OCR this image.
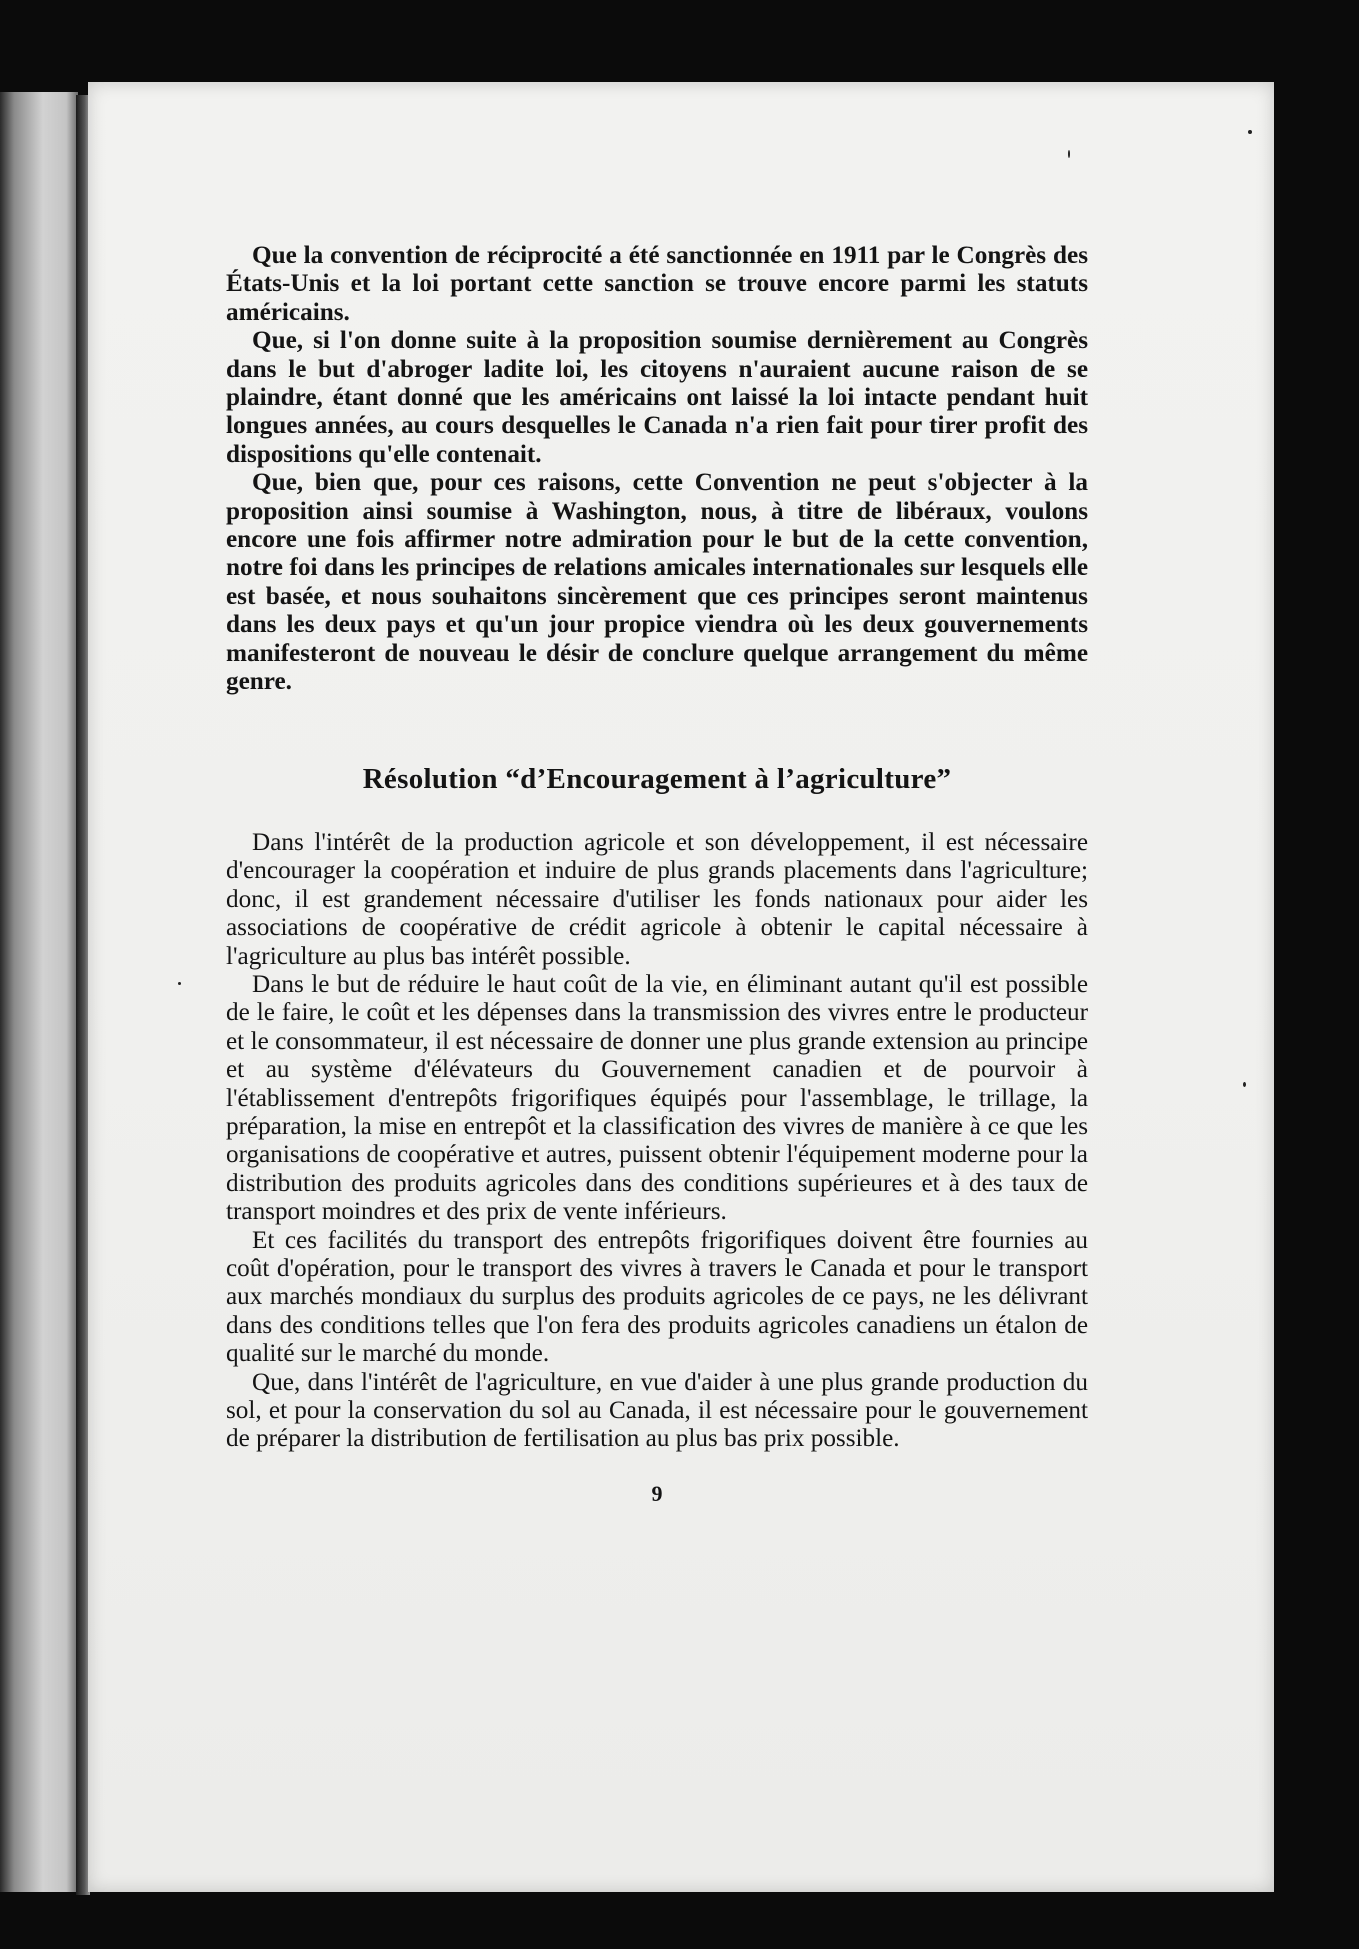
Que la convention de réciprocité a été sanctionnée en 1911 par le Congrès des États-Unis et la loi portant cette sanction se trouve encore parmi les statuts américains.

Que, si l'on donne suite à la proposition soumise dernièrement au Congrès dans le but d'abroger ladite loi, les citoyens n'auraient aucune raison de se plaindre, étant donné que les américains ont laissé la loi intacte pendant huit longues années, au cours desquelles le Canada n'a rien fait pour tirer profit des dispositions qu'elle contenait.

Que, bien que, pour ces raisons, cette Convention ne peut s'objecter à la proposition ainsi soumise à Washington, nous, à titre de libéraux, voulons encore une fois affirmer notre admiration pour le but de la cette convention, notre foi dans les principes de relations amicales internationales sur lesquels elle est basée, et nous souhaitons sincèrement que ces principes seront maintenus dans les deux pays et qu'un jour propice viendra où les deux gouvernements manifesteront de nouveau le désir de conclure quelque arrangement du même genre.

Résolution “d’Encouragement à l’agriculture”

Dans l'intérêt de la production agricole et son développement, il est nécessaire d'encourager la coopération et induire de plus grands placements dans l'agriculture; donc, il est grandement nécessaire d'utiliser les fonds nationaux pour aider les associations de coopérative de crédit agricole à obtenir le capital nécessaire à l'agriculture au plus bas intérêt possible.

Dans le but de réduire le haut coût de la vie, en éliminant autant qu'il est possible de le faire, le coût et les dépenses dans la transmission des vivres entre le producteur et le consommateur, il est nécessaire de donner une plus grande extension au principe et au système d'élévateurs du Gouvernement canadien et de pourvoir à l'établissement d'entrepôts frigorifiques équipés pour l'assemblage, le trillage, la préparation, la mise en entrepôt et la classification des vivres de manière à ce que les organisations de coopérative et autres, puissent obtenir l'équipement moderne pour la distribution des produits agricoles dans des conditions supérieures et à des taux de transport moindres et des prix de vente inférieurs.

Et ces facilités du transport des entrepôts frigorifiques doivent être fournies au coût d'opération, pour le transport des vivres à travers le Canada et pour le transport aux marchés mondiaux du surplus des produits agricoles de ce pays, ne les délivrant dans des conditions telles que l'on fera des produits agricoles canadiens un étalon de qualité sur le marché du monde.

Que, dans l'intérêt de l'agriculture, en vue d'aider à une plus grande production du sol, et pour la conservation du sol au Canada, il est nécessaire pour le gouvernement de préparer la distribution de fertilisation au plus bas prix possible.

9
